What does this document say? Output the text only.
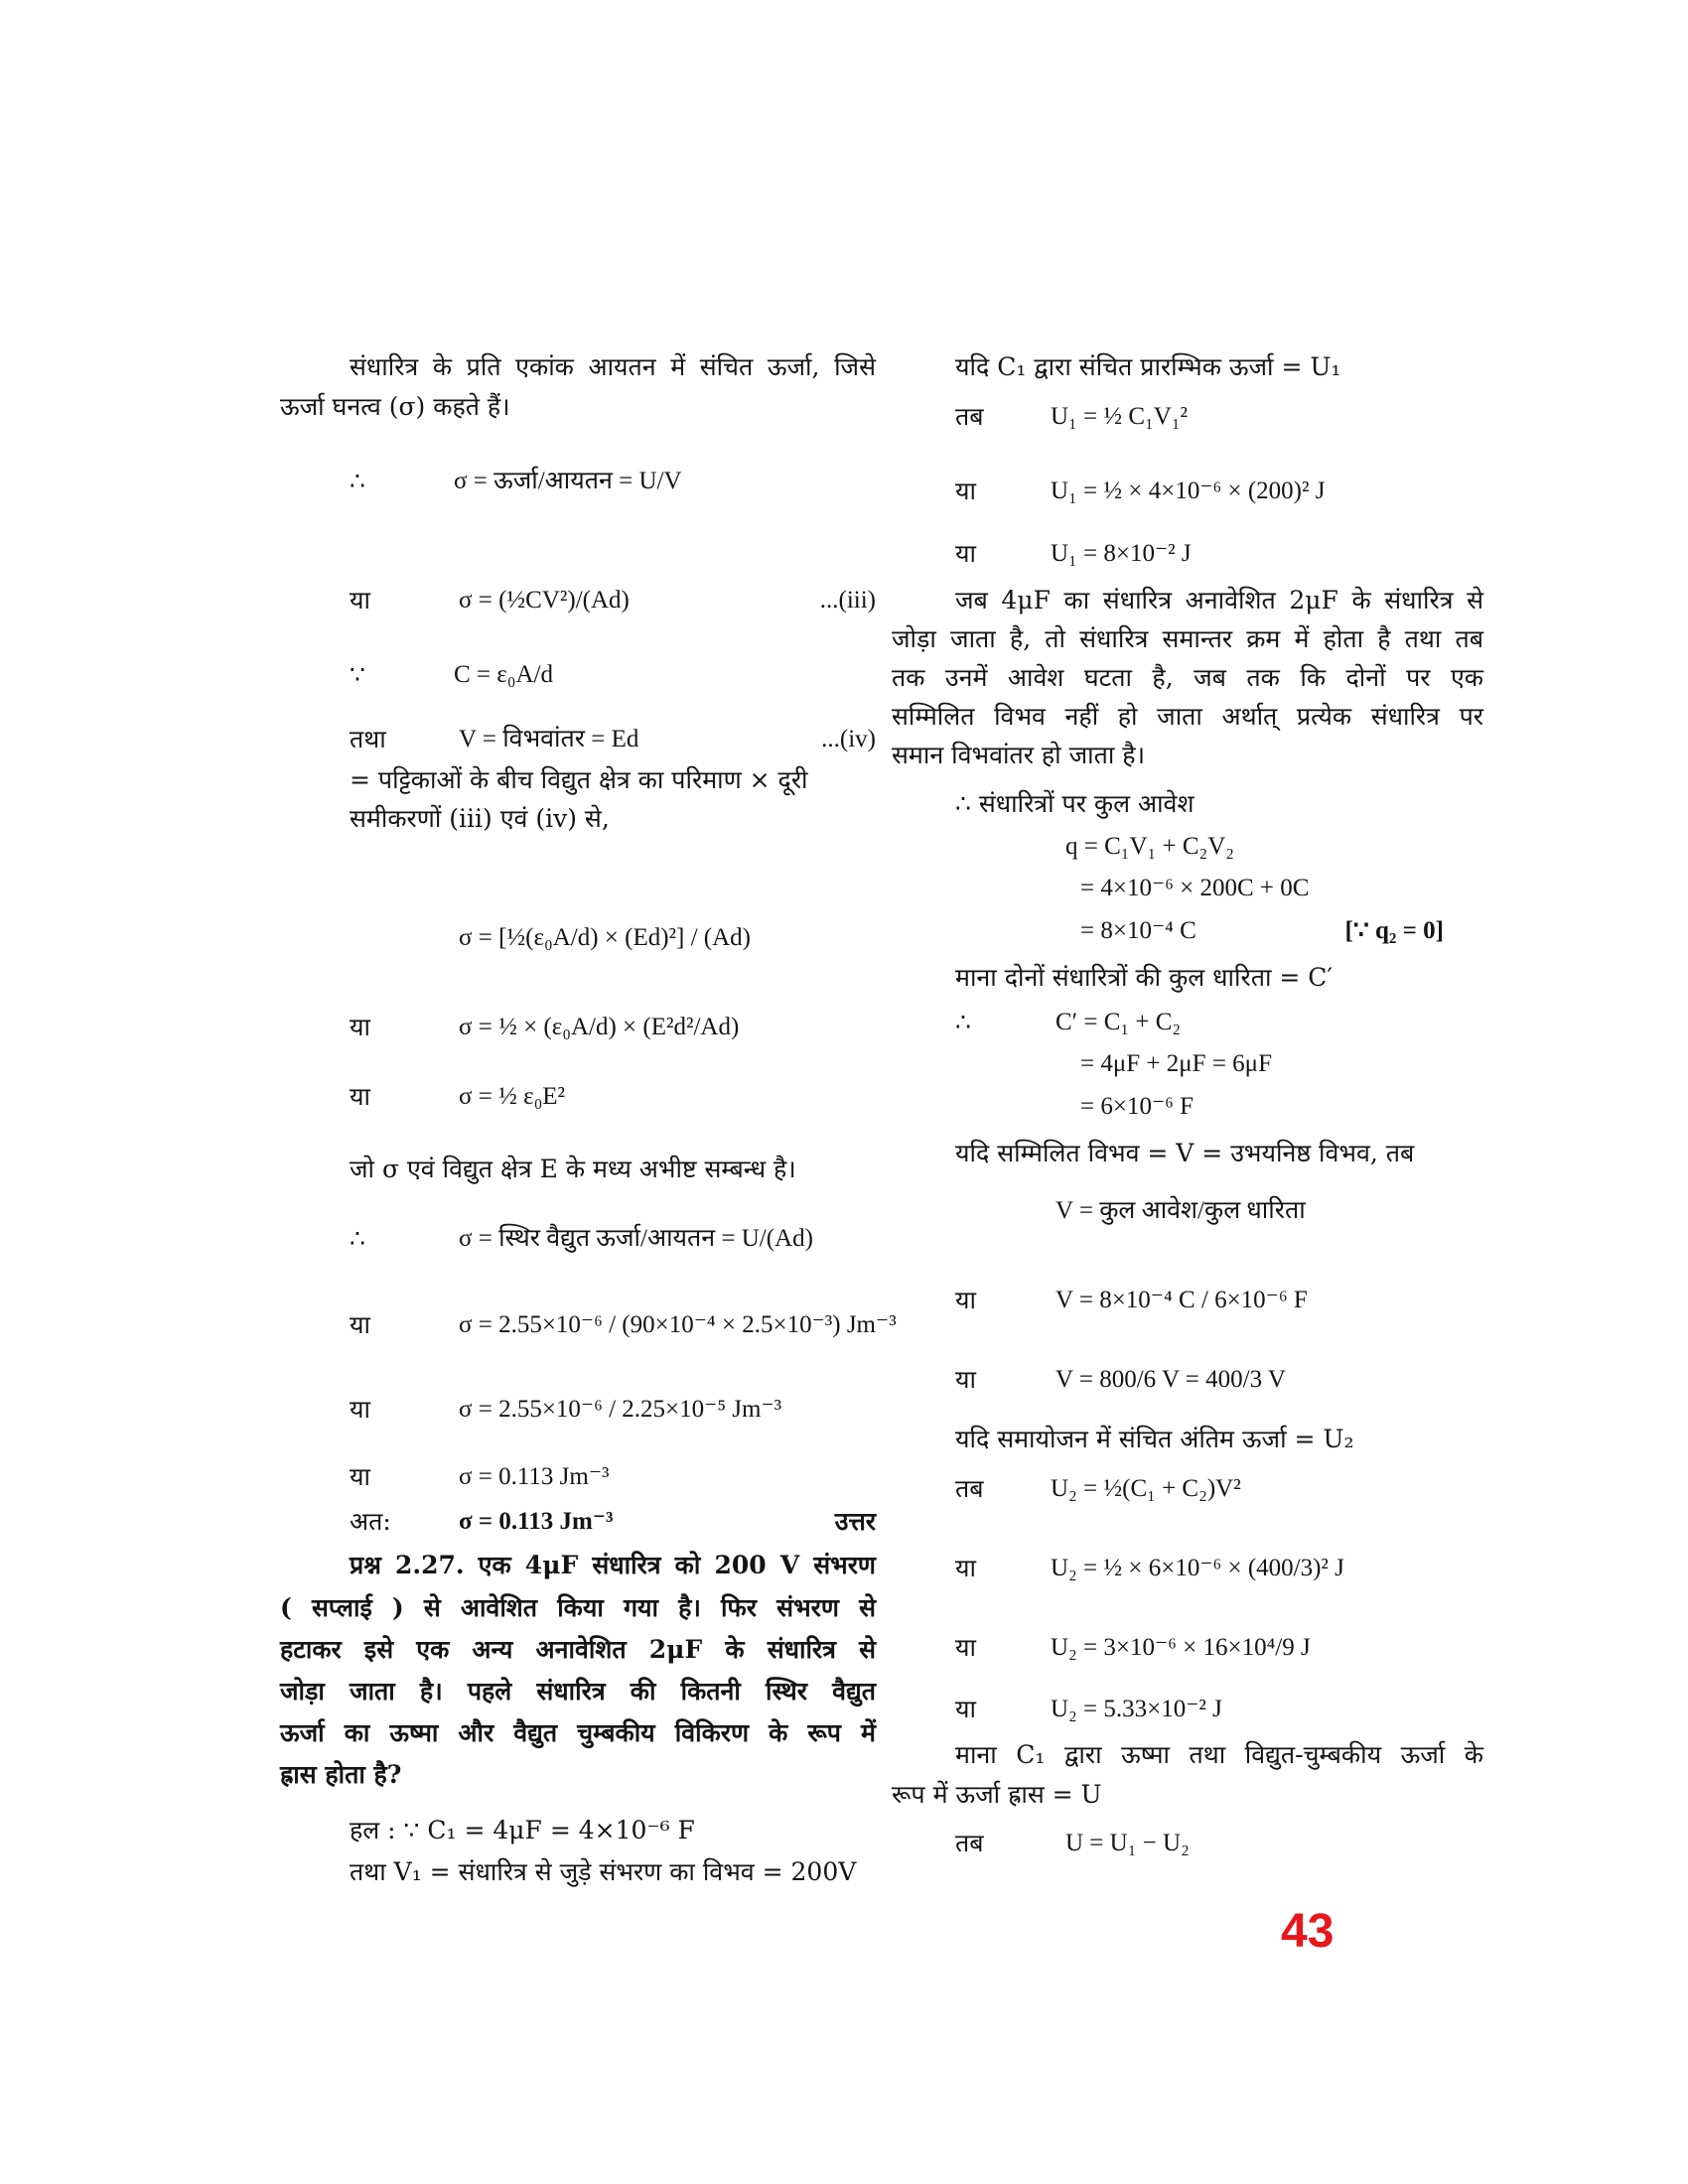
संधारित्र के प्रति एकांक आयतन में संचित ऊर्जा, जिसे
ऊर्जा घनत्व (σ) कहते हैं।
∴	σ = ऊर्जा/आयतन = U/V
या	σ = (½CV²)/(Ad)	...(iii)
∵	C = ε₀A/d
तथा	V = विभवांतर = Ed	...(iv)
= पट्टिकाओं के बीच विद्युत क्षेत्र का परिमाण × दूरी
समीकरणों (iii) एवं (iv) से,
σ = [½(ε₀A/d) × (Ed)²] / (Ad)
या	σ = ½ × (ε₀A/d) × (E²d²/Ad)
या	σ = ½ ε₀E²
जो σ एवं विद्युत क्षेत्र E के मध्य अभीष्ट सम्बन्ध है।
∴	σ = स्थिर वैद्युत ऊर्जा/आयतन = U/(Ad)
या	σ = 2.55×10⁻⁶ / (90×10⁻⁴ × 2.5×10⁻³) Jm⁻³
या	σ = 2.55×10⁻⁶ / 2.25×10⁻⁵ Jm⁻³
या	σ = 0.113 Jm⁻³
अत:	σ = 0.113 Jm⁻³	उत्तर
प्रश्न 2.27. एक 4μF संधारित्र को 200 V संभरण
( सप्लाई ) से आवेशित किया गया है। फिर संभरण से
हटाकर इसे एक अन्य अनावेशित 2μF के संधारित्र से
जोड़ा जाता है। पहले संधारित्र की कितनी स्थिर वैद्युत
ऊर्जा का ऊष्मा और वैद्युत चुम्बकीय विकिरण के रूप में
ह्रास होता है?
हल : ∵ C₁ = 4μF = 4×10⁻⁶ F
तथा V₁ = संधारित्र से जुड़े संभरण का विभव = 200V
यदि C₁ द्वारा संचित प्रारम्भिक ऊर्जा = U₁
तब	U₁ = ½ C₁V₁²
या	U₁ = ½ × 4×10⁻⁶ × (200)² J
या	U₁ = 8×10⁻² J
जब 4μF का संधारित्र अनावेशित 2μF के संधारित्र से
जोड़ा जाता है, तो संधारित्र समान्तर क्रम में होता है तथा तब
तक उनमें आवेश घटता है, जब तक कि दोनों पर एक
सम्मिलित विभव नहीं हो जाता अर्थात् प्रत्येक संधारित्र पर
समान विभवांतर हो जाता है।
∴ संधारित्रों पर कुल आवेश
q = C₁V₁ + C₂V₂
= 4×10⁻⁶ × 200C + 0C
= 8×10⁻⁴ C	[∵ q₂ = 0]
माना दोनों संधारित्रों की कुल धारिता = C′
∴	C′ = C₁ + C₂
= 4μF + 2μF = 6μF
= 6×10⁻⁶ F
यदि सम्मिलित विभव = V = उभयनिष्ठ विभव, तब
V = कुल आवेश/कुल धारिता
या	V = 8×10⁻⁴ C / 6×10⁻⁶ F
या	V = 800/6 V = 400/3 V
यदि समायोजन में संचित अंतिम ऊर्जा = U₂
तब	U₂ = ½(C₁ + C₂)V²
या	U₂ = ½ × 6×10⁻⁶ × (400/3)² J
या	U₂ = 3×10⁻⁶ × 16×10⁴/9 J
या	U₂ = 5.33×10⁻² J
माना C₁ द्वारा ऊष्मा तथा विद्युत-चुम्बकीय ऊर्जा के
रूप में ऊर्जा ह्रास = U
तब	U = U₁ − U₂
43
